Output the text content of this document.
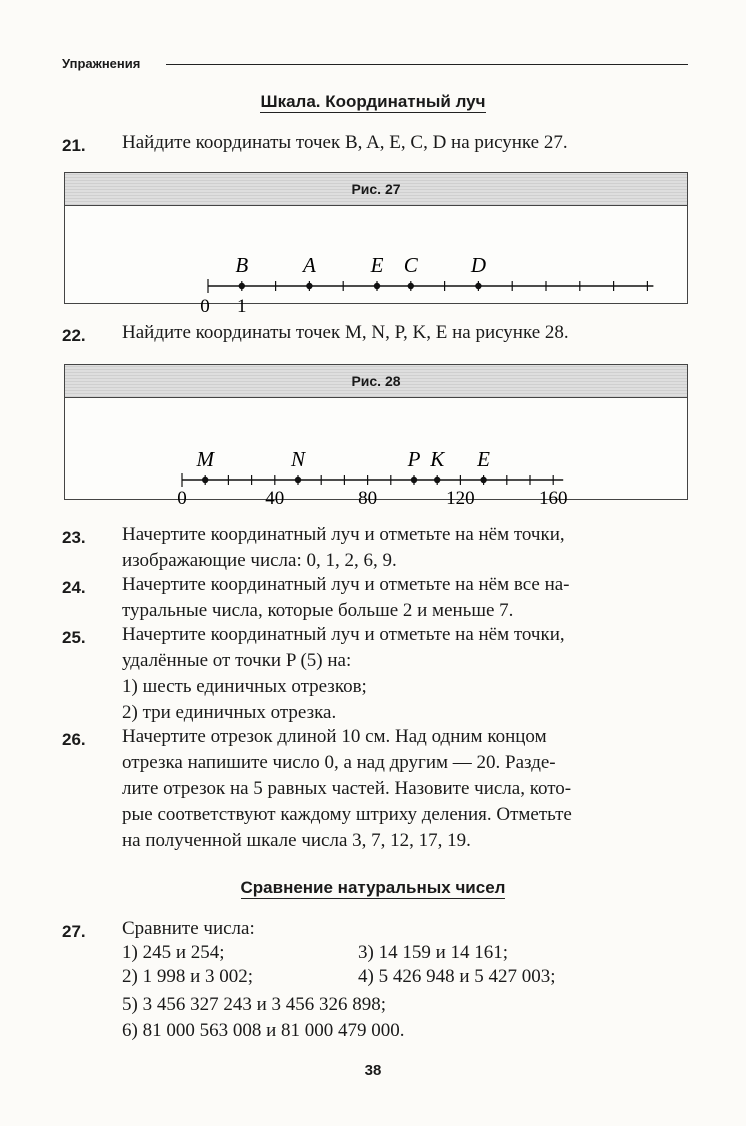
Упражнения
Шкала. Координатный луч
21. Найдите координаты точек B, A, E, C, D на рисунке 27.
Рис. 27
0 1
B	A	E C	D
22. Найдите координаты точек M, N, P, K, E на рисунке 28.
Рис. 28
0	40	80	120	160
M	N	P K E
23. Начертите координатный луч и отметьте на нём точки,
изображающие числа: 0, 1, 2, 6, 9.
24. Начертите координатный луч и отметьте на нём все на-
туральные числа, которые больше 2 и меньше 7.
25. Начертите координатный луч и отметьте на нём точки,
удалённые от точки P (5) на:
1) шесть единичных отрезков;
2) три единичных отрезка.
26. Начертите отрезок длиной 10 см. Над одним концом
отрезка напишите число 0, а над другим — 20. Разде-
лите отрезок на 5 равных частей. Назовите числа, кото-
рые соответствуют каждому штриху деления. Отметьте
на полученной шкале числа 3, 7, 12, 17, 19.
Сравнение натуральных чисел
27. Сравните числа:
1) 245 и 254;	3) 14 159 и 14 161;
2) 1 998 и 3 002;	4) 5 426 948 и 5 427 003;
5) 3 456 327 243 и 3 456 326 898;
6) 81 000 563 008 и 81 000 479 000.
38
